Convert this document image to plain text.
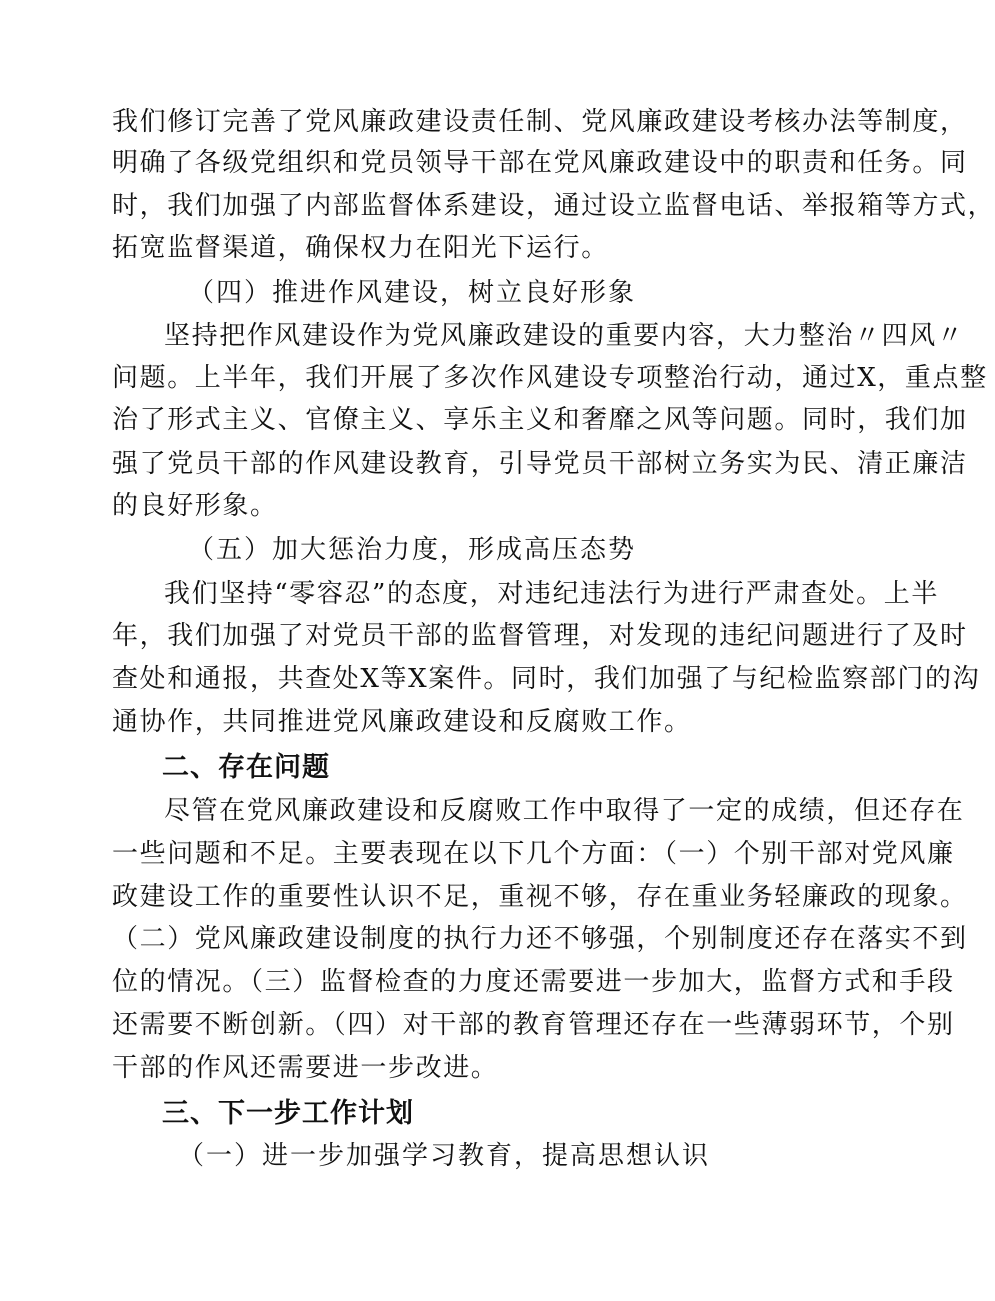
我们修订完善了党风廉政建设责任制、党风廉政建设考核办法等制度，
明确了各级党组织和党员领导干部在党风廉政建设中的职责和任务。同
时，我们加强了内部监督体系建设，通过设立监督电话、举报箱等方式，
拓宽监督渠道，确保权力在阳光下运行。
（四）推进作风建设，树立良好形象
坚持把作风建设作为党风廉政建设的重要内容，大力整治〃四风〃
问题。上半年，我们开展了多次作风建设专项整治行动，通过X，重点整
治了形式主义、官僚主义、享乐主义和奢靡之风等问题。同时，我们加
强了党员干部的作风建设教育，引导党员干部树立务实为民、清正廉洁
的良好形象。
（五）加大惩治力度，形成高压态势
我们坚持“零容忍”的态度，对违纪违法行为进行严肃查处。上半
年，我们加强了对党员干部的监督管理，对发现的违纪问题进行了及时
查处和通报，共查处X等X案件。同时，我们加强了与纪检监察部门的沟
通协作，共同推进党风廉政建设和反腐败工作。
二、存在问题
尽管在党风廉政建设和反腐败工作中取得了一定的成绩，但还存在
一些问题和不足。主要表现在以下几个方面：（一）个别干部对党风廉
政建设工作的重要性认识不足，重视不够，存在重业务轻廉政的现象。
（二）党风廉政建设制度的执行力还不够强，个别制度还存在落实不到
位的情况。（三）监督检查的力度还需要进一步加大，监督方式和手段
还需要不断创新。（四）对干部的教育管理还存在一些薄弱环节，个别
干部的作风还需要进一步改进。
三、下一步工作计划
（一）进一步加强学习教育，提高思想认识
